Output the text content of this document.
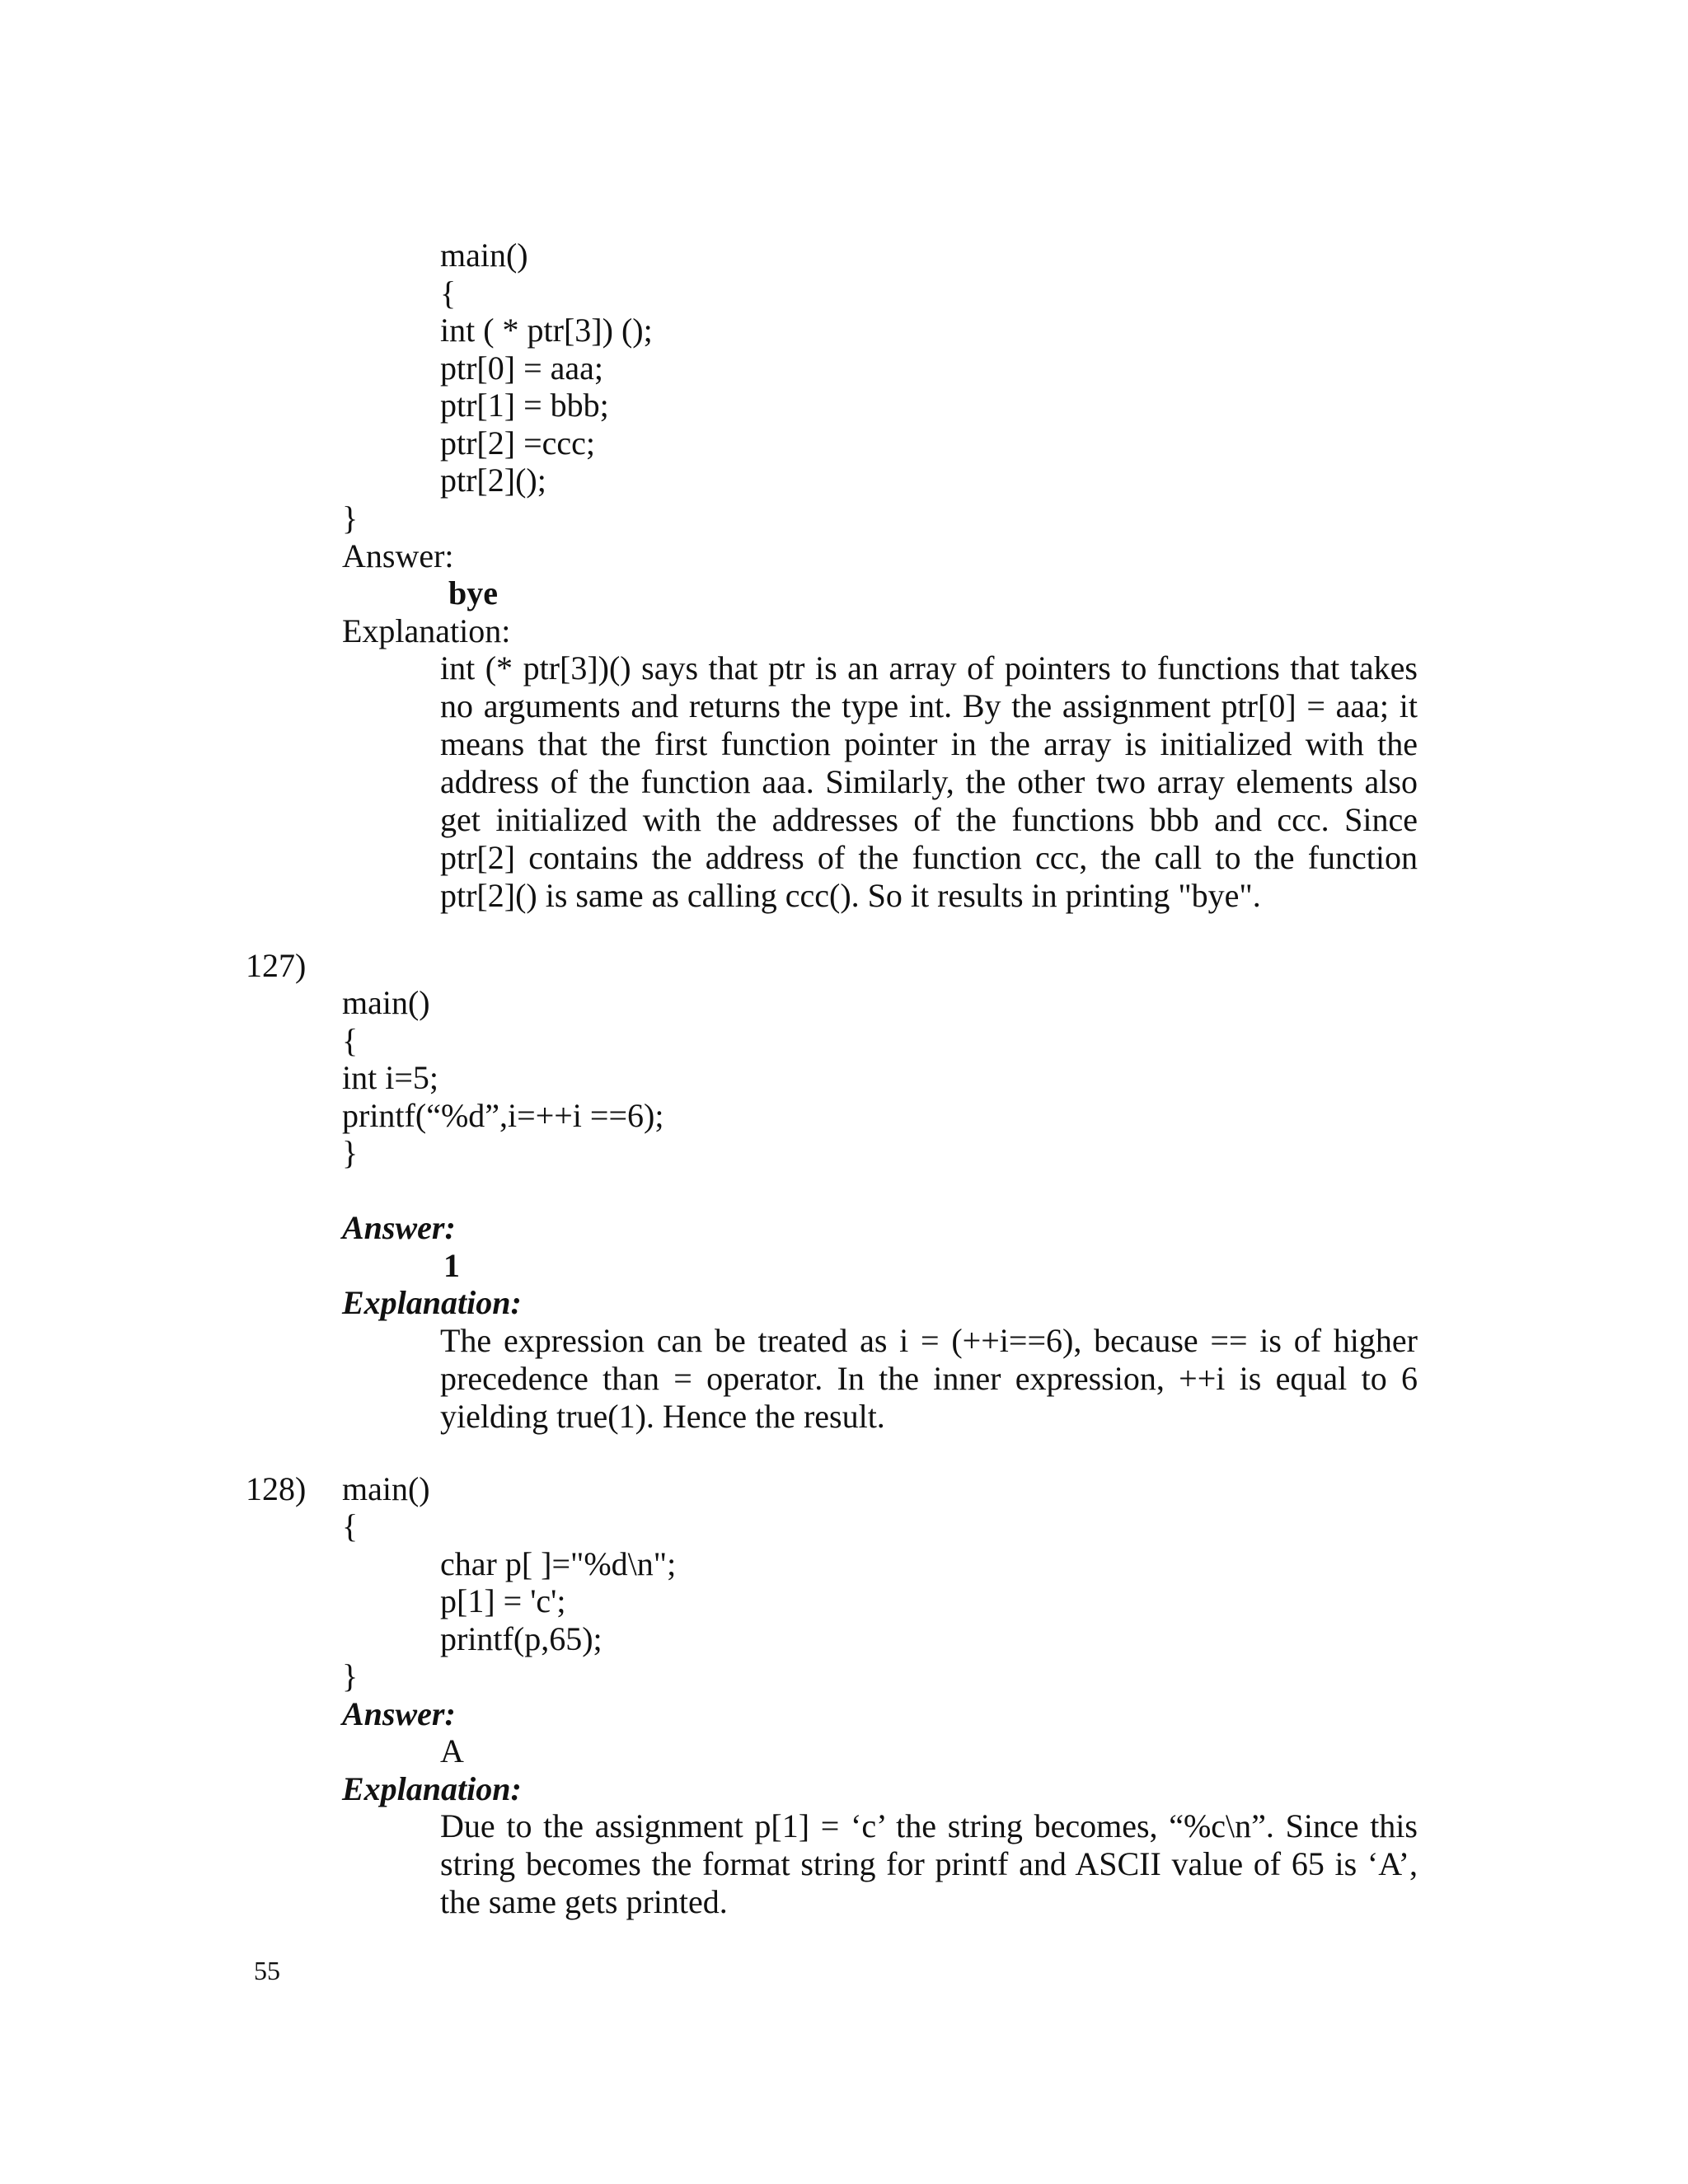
main()
{
int ( * ptr[3]) ();
ptr[0] = aaa;
ptr[1] = bbb;
ptr[2] =ccc;
ptr[2]();
}
Answer:
bye
Explanation:
int (* ptr[3])() says that ptr is an array of pointers to functions that takes no arguments and returns the type int. By the assignment ptr[0] = aaa; it means that the first function pointer in the array is initialized with the address of the function aaa. Similarly, the other two array elements also get initialized with the addresses of the functions bbb and ccc. Since ptr[2] contains the address of the function ccc, the call to the function ptr[2]() is same as calling ccc(). So it results in printing "bye".
127)
main()
{
int i=5;
printf(“%d”,i=++i ==6);
}
Answer:
1
Explanation:
The expression can be treated as i = (++i==6), because == is of higher precedence than = operator. In the inner expression, ++i is equal to 6 yielding true(1). Hence the result.
128) main()
{
char p[ ]="%d\n";
p[1] = 'c';
printf(p,65);
}
Answer:
A
Explanation:
Due to the assignment p[1] = ‘c’ the string becomes, “%c\n”. Since this string becomes the format string for printf and ASCII value of 65 is ‘A’, the same gets printed.
55
